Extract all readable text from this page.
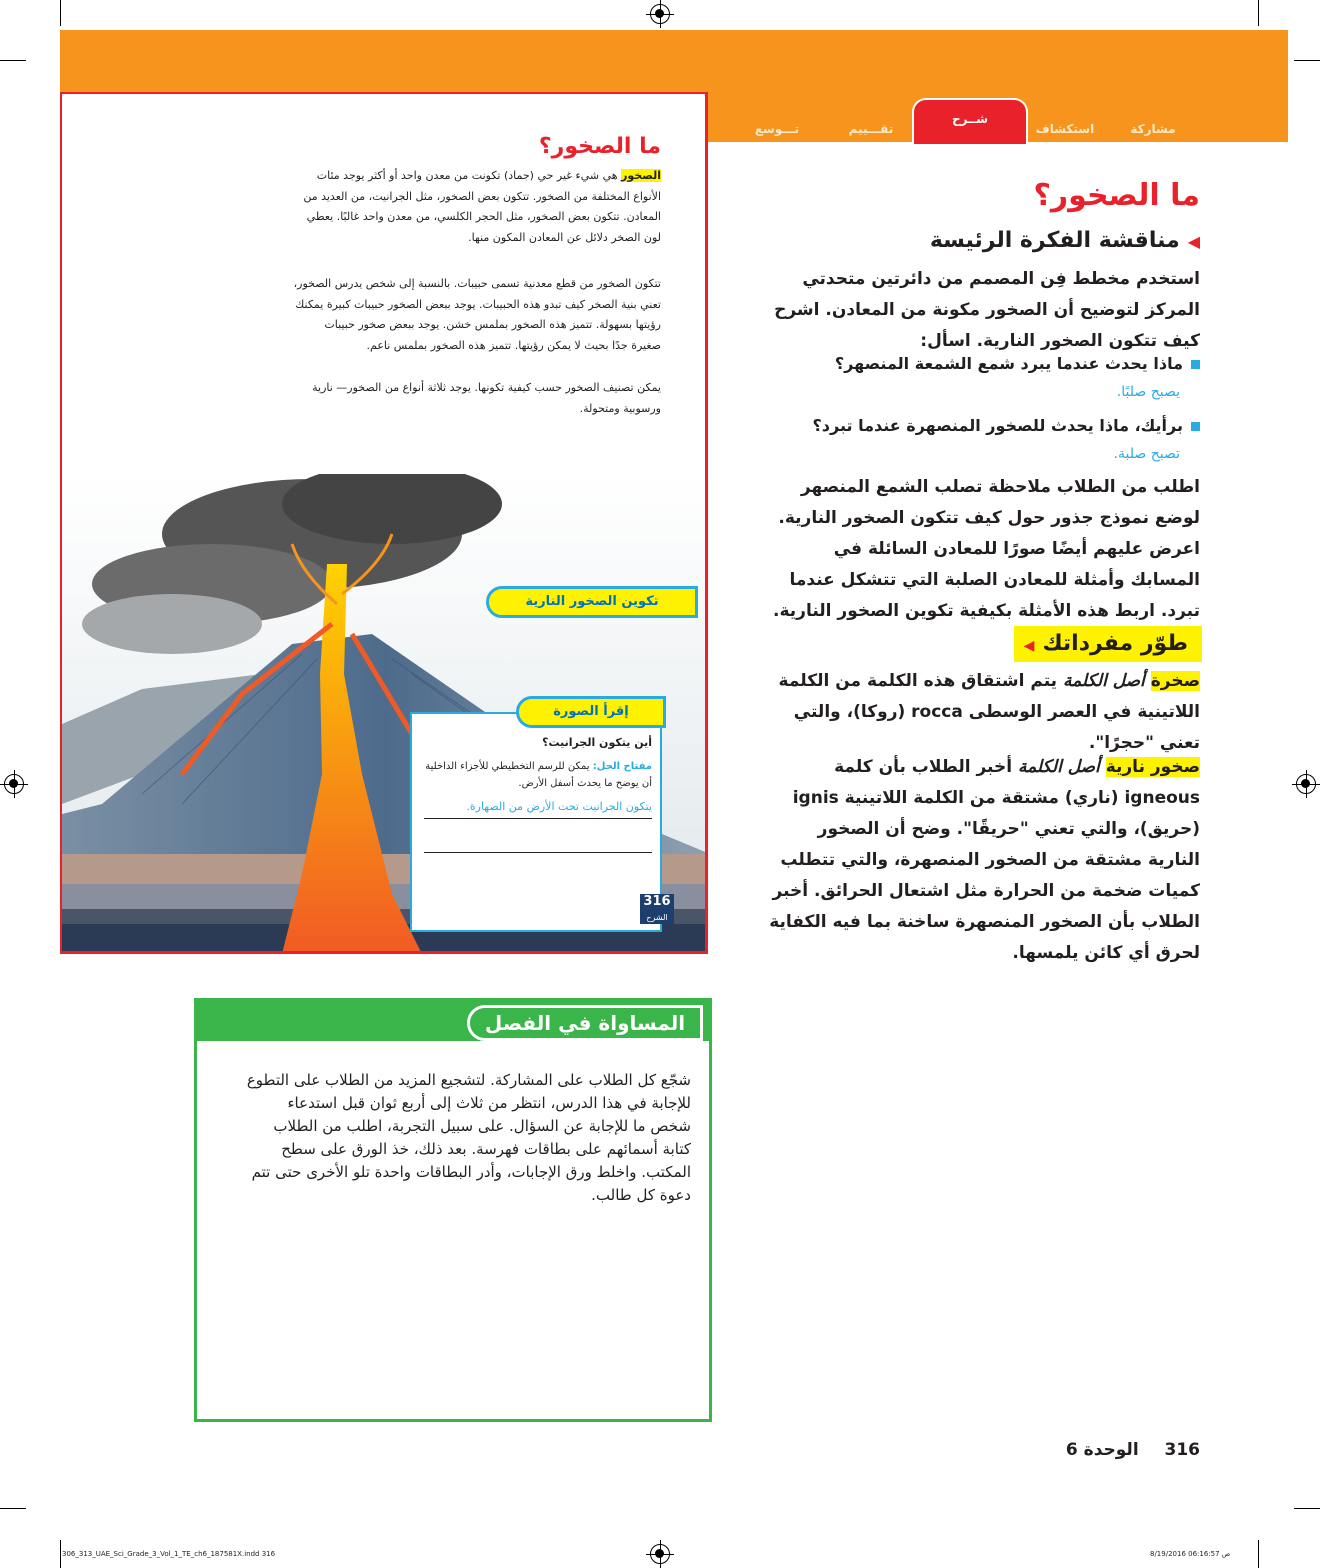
مشاركة
استكشاف
شــرح
تقـــييم
تـــوسع
ما الصخور؟
الصخور هي شيء غير حي (جماد) تكونت من معدن واحد أو أكثر يوجد مئات الأنواع المختلفة من الصخور. تتكون بعض الصخور، مثل الجرانيت، من العديد من المعادن. تتكون بعض الصخور، مثل الحجر الكلسي، من معدن واحد غالبًا. يعطي لون الصخر دلائل عن المعادن المكون منها.
تتكون الصخور من قطع معدنية تسمى حبيبات. بالنسبة إلى شخص يدرس الصخور، تعني بنية الصخر كيف تبدو هذه الحبيبات. يوجد ببعض الصخور حبيبات كبيرة يمكنك رؤيتها بسهولة. تتميز هذه الصخور بملمس خشن. يوجد ببعض صخور حبيبات صغيرة جدًا بحيث لا يمكن رؤيتها. تتميز هذه الصخور بملمس ناعم.
يمكن تصنيف الصخور حسب كيفية تكونها. يوجد ثلاثة أنواع من الصخور— نارية ورسوبية ومتحولة.
تكوين الصخور النارية
إقرأ الصورة
أين يتكون الجرانيت؟
مفتاح الحل: يمكن للرسم التخطيطي للأجزاء الداخلية أن يوضح ما يحدث أسفل الأرض.
يتكون الجرانيت تحت الأرض من الصهارة.
316
الشرح
ما الصخور؟
◀مناقشة الفكرة الرئيسة
استخدم مخطط فِن المصمم من دائرتين متحدتي المركز لتوضيح أن الصخور مكونة من المعادن. اشرح كيف تتكون الصخور النارية. اسأل:
ماذا يحدث عندما يبرد شمع الشمعة المنصهر؟
يصبح صلبًا.
برأيك، ماذا يحدث للصخور المنصهرة عندما تبرد؟
تصبح صلبة.
اطلب من الطلاب ملاحظة تصلب الشمع المنصهر لوضع نموذج جذور حول كيف تتكون الصخور النارية. اعرض عليهم أيضًا صورًا للمعادن السائلة في المسابك وأمثلة للمعادن الصلبة التي تتشكل عندما تبرد. اربط هذه الأمثلة بكيفية تكوين الصخور النارية.
طوّر مفرداتك◀
صخرة أصل الكلمة يتم اشتقاق هذه الكلمة من الكلمة اللاتينية في العصر الوسطى rocca (روكا)، والتي تعني "حجرًا".
صخور نارية أصل الكلمة أخبر الطلاب بأن كلمة igneous (ناري) مشتقة من الكلمة اللاتينية ignis (حريق)، والتي تعني "حريقًا". وضح أن الصخور النارية مشتقة من الصخور المنصهرة، والتي تتطلب كميات ضخمة من الحرارة مثل اشتعال الحرائق. أخبر الطلاب بأن الصخور المنصهرة ساخنة بما فيه الكفاية لحرق أي كائن يلمسها.
المساواة في الفصل
شجّع كل الطلاب على المشاركة. لتشجيع المزيد من الطلاب على التطوع للإجابة في هذا الدرس، انتظر من ثلاث إلى أربع ثوان قبل استدعاء شخص ما للإجابة عن السؤال. على سبيل التجربة، اطلب من الطلاب كتابة أسمائهم على بطاقات فهرسة. بعد ذلك، خذ الورق على سطح المكتب. واخلط ورق الإجابات، وأدر البطاقات واحدة تلو الأخرى حتى تتم دعوة كل طالب.
316  الوحدة 6
306_313_UAE_Sci_Grade_3_Vol_1_TE_ch6_187581X.indd 316	8/19/2016 06:16:57 ص
